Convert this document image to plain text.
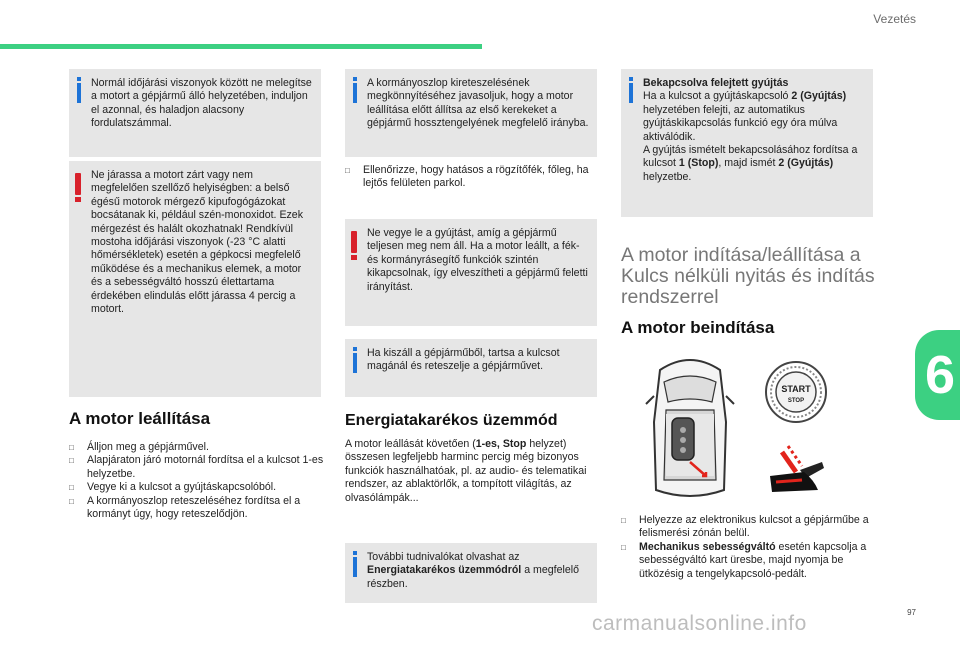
Vezetés
6
Normál időjárási viszonyok között ne melegítse a motort a gépjármű álló helyzetében, induljon el azonnal, és haladjon alacsony fordulatszámmal.
Ne járassa a motort zárt vagy nem megfelelően szellőző helyiségben: a belső égésű motorok mérgező kipufogógázokat bocsátanak ki, például szén-monoxidot. Ezek mérgezést és halált okozhatnak! Rendkívül mostoha időjárási viszonyok (-23 °C alatti hőmérsékletek) esetén a gépkocsi megfelelő működése és a mechanikus elemek, a motor és a sebességváltó hosszú élettartama érdekében elindulás előtt járassa 4 percig a motort.
A motor leállítása
□ Álljon meg a gépjárművel.
□ Alapjáraton járó motornál fordítsa el a kulcsot 1-es helyzetbe.
□ Vegye ki a kulcsot a gyújtáskapcsolóból.
□ A kormányoszlop reteszeléséhez fordítsa el a kormányt úgy, hogy reteszelődjön.
A kormányoszlop kireteszelésének megkönnyítéséhez javasoljuk, hogy a motor leállítása előtt állítsa az első kerekeket a gépjármű hossztengelyének megfelelő irányba.
□ Ellenőrizze, hogy hatásos a rögzítőfék, főleg, ha lejtős felületen parkol.
Ne vegye le a gyújtást, amíg a gépjármű teljesen meg nem áll. Ha a motor leállt, a fék- és kormányrásegítő funkciók szintén kikapcsolnak, így elveszítheti a gépjármű feletti irányítást.
Ha kiszáll a gépjárműből, tartsa a kulcsot magánál és reteszelje a gépjárművet.
Energiatakarékos üzemmód
A motor leállását követően (1-es, Stop helyzet) összesen legfeljebb harminc percig még bizonyos funkciók használhatóak, pl. az audio- és telematikai rendszer, az ablaktörlők, a tompított világítás, az olvasólámpák...
További tudnivalókat olvashat az Energiatakarékos üzemmódról a megfelelő részben.
Bekapcsolva felejtett gyújtás
Ha a kulcsot a gyújtáskapcsoló 2 (Gyújtás) helyzetében felejti, az automatikus gyújtáskikapcsolás funkció egy óra múlva aktiválódik.
A gyújtás ismételt bekapcsolásához fordítsa a kulcsot 1 (Stop), majd ismét 2 (Gyújtás) helyzetbe.
A motor indítása/leállítása a Kulcs nélküli nyitás és indítás rendszerrel
A motor beindítása
START
STOP
□ Helyezze az elektronikus kulcsot a gépjárműbe a felismerési zónán belül.
□ Mechanikus sebességváltó esetén kapcsolja a sebességváltó kart üresbe, majd nyomja be ütközésig a tengelykapcsoló-pedált.
97
carmanualsonline.info
